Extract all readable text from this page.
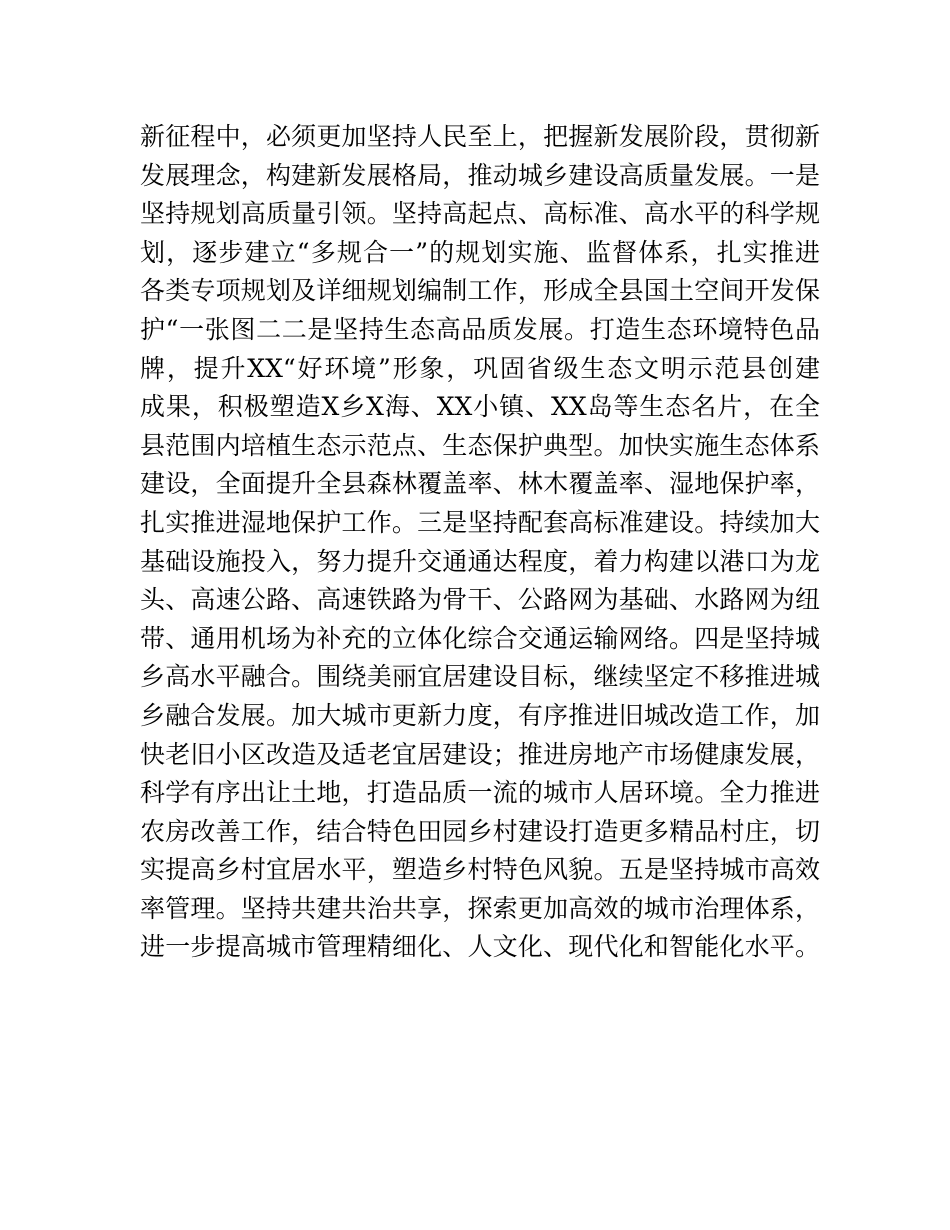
新征程中，必须更加坚持人民至上，把握新发展阶段，贯彻新
发展理念，构建新发展格局，推动城乡建设高质量发展。一是
坚持规划高质量引领。坚持高起点、高标准、高水平的科学规
划，逐步建立“多规合一”的规划实施、监督体系，扎实推进
各类专项规划及详细规划编制工作，形成全县国土空间开发保
护“一张图二二是坚持生态高品质发展。打造生态环境特色品
牌，提升XX“好环境”形象，巩固省级生态文明示范县创建
成果，积极塑造X乡X海、XX小镇、XX岛等生态名片，在全
县范围内培植生态示范点、生态保护典型。加快实施生态体系
建设，全面提升全县森林覆盖率、林木覆盖率、湿地保护率，
扎实推进湿地保护工作。三是坚持配套高标准建设。持续加大
基础设施投入，努力提升交通通达程度，着力构建以港口为龙
头、高速公路、高速铁路为骨干、公路网为基础、水路网为纽
带、通用机场为补充的立体化综合交通运输网络。四是坚持城
乡高水平融合。围绕美丽宜居建设目标，继续坚定不移推进城
乡融合发展。加大城市更新力度，有序推进旧城改造工作，加
快老旧小区改造及适老宜居建设；推进房地产市场健康发展，
科学有序出让土地，打造品质一流的城市人居环境。全力推进
农房改善工作，结合特色田园乡村建设打造更多精品村庄，切
实提高乡村宜居水平，塑造乡村特色风貌。五是坚持城市高效
率管理。坚持共建共治共享，探索更加高效的城市治理体系，
进一步提高城市管理精细化、人文化、现代化和智能化水平。
